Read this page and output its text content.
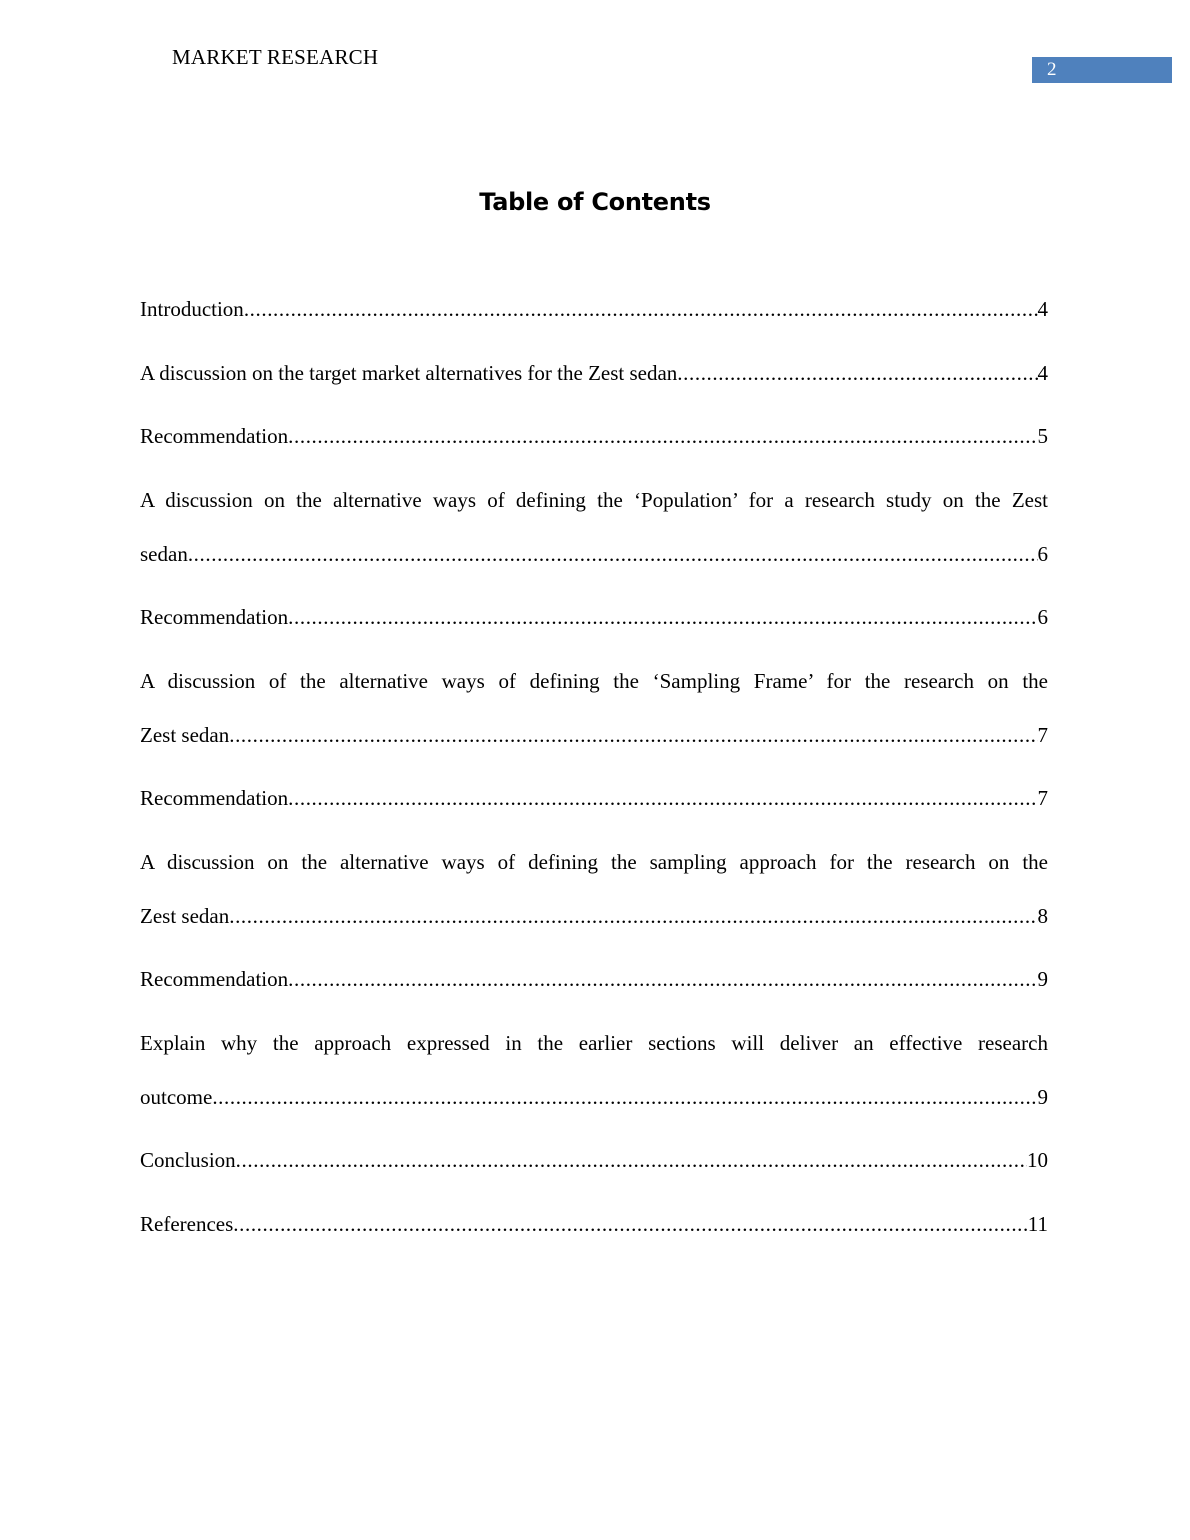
MARKET RESEARCH
2
Table of Contents
Introduction .....	4
A discussion on the target market alternatives for the Zest sedan .....	4
Recommendation .....	5
A discussion on the alternative ways of defining the ‘Population’ for a research study on the Zest
sedan .....	6
Recommendation .....	6
A discussion of the alternative ways of defining the ‘Sampling Frame’ for the research on the
Zest sedan .....	7
Recommendation .....	7
A discussion on the alternative ways of defining the sampling approach for the research on the
Zest sedan .....	8
Recommendation .....	9
Explain why the approach expressed in the earlier sections will deliver an effective research
outcome .....	9
Conclusion .....	10
References .....	11
